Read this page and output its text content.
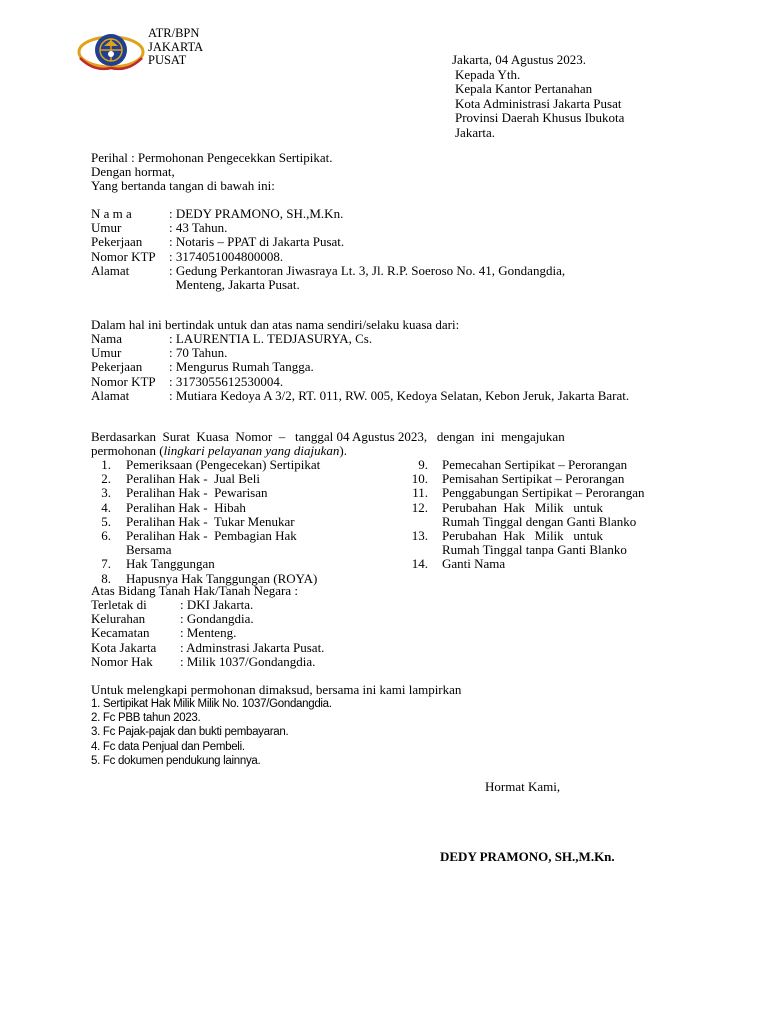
ATR/BPN
JAKARTA
PUSAT	Jakarta, 04 Agustus 2023.
Kepada Yth.
Kepala Kantor Pertanahan
Kota Administrasi Jakarta Pusat
Provinsi Daerah Khusus Ibukota
Jakarta.
Perihal : Permohonan Pengecekkan Sertipikat.
Dengan hormat,
Yang bertanda tangan di bawah ini:
N a m a	: DEDY PRAMONO, SH.,M.Kn.
Umur	: 43 Tahun.
Pekerjaan	: Notaris – PPAT di Jakarta Pusat.
Nomor KTP	: 3174051004800008.
Alamat	: Gedung Perkantoran Jiwasraya Lt. 3, Jl. R.P. Soeroso No. 41, Gondangdia,
Menteng, Jakarta Pusat.
Dalam hal ini bertindak untuk dan atas nama sendiri/selaku kuasa dari:
Nama	: LAURENTIA L. TEDJASURYA, Cs.
Umur	: 70 Tahun.
Pekerjaan	: Mengurus Rumah Tangga.
Nomor KTP	: 3173055612530004.
Alamat	: Mutiara Kedoya A 3/2, RT. 011, RW. 005, Kedoya Selatan, Kebon Jeruk, Jakarta Barat.
Berdasarkan  Surat  Kuasa  Nomor  –   tanggal 04 Agustus 2023,   dengan  ini  mengajukan
permohonan (lingkari pelayanan yang diajukan).
1.	Pemeriksaan (Pengecekan) Sertipikat
2.	Peralihan Hak -  Jual Beli
3.	Peralihan Hak -  Pewarisan
4.	Peralihan Hak -  Hibah
5.	Peralihan Hak -  Tukar Menukar
6.	Peralihan Hak -  Pembagian Hak
Bersama
7.	Hak Tanggungan
8.	Hapusnya Hak Tanggungan (ROYA)
9.	Pemecahan Sertipikat – Perorangan
10.	Pemisahan Sertipikat – Perorangan
11.	Penggabungan Sertipikat – Perorangan
12.	Perubahan  Hak   Milik   untuk
Rumah Tinggal dengan Ganti Blanko
13.	Perubahan  Hak   Milik   untuk
Rumah Tinggal tanpa Ganti Blanko
14.	Ganti Nama
Atas Bidang Tanah Hak/Tanah Negara :
Terletak di	: DKI Jakarta.
Kelurahan	: Gondangdia.
Kecamatan	: Menteng.
Kota Jakarta	: Adminstrasi Jakarta Pusat.
Nomor Hak	: Milik 1037/Gondangdia.
Untuk melengkapi permohonan dimaksud, bersama ini kami lampirkan
1. Sertipikat Hak Milik Milik No. 1037/Gondangdia.
2. Fc PBB tahun 2023.
3. Fc Pajak-pajak dan bukti pembayaran.
4. Fc data Penjual dan Pembeli.
5. Fc dokumen pendukung lainnya.
Hormat Kami,
DEDY PRAMONO, SH.,M.Kn.
